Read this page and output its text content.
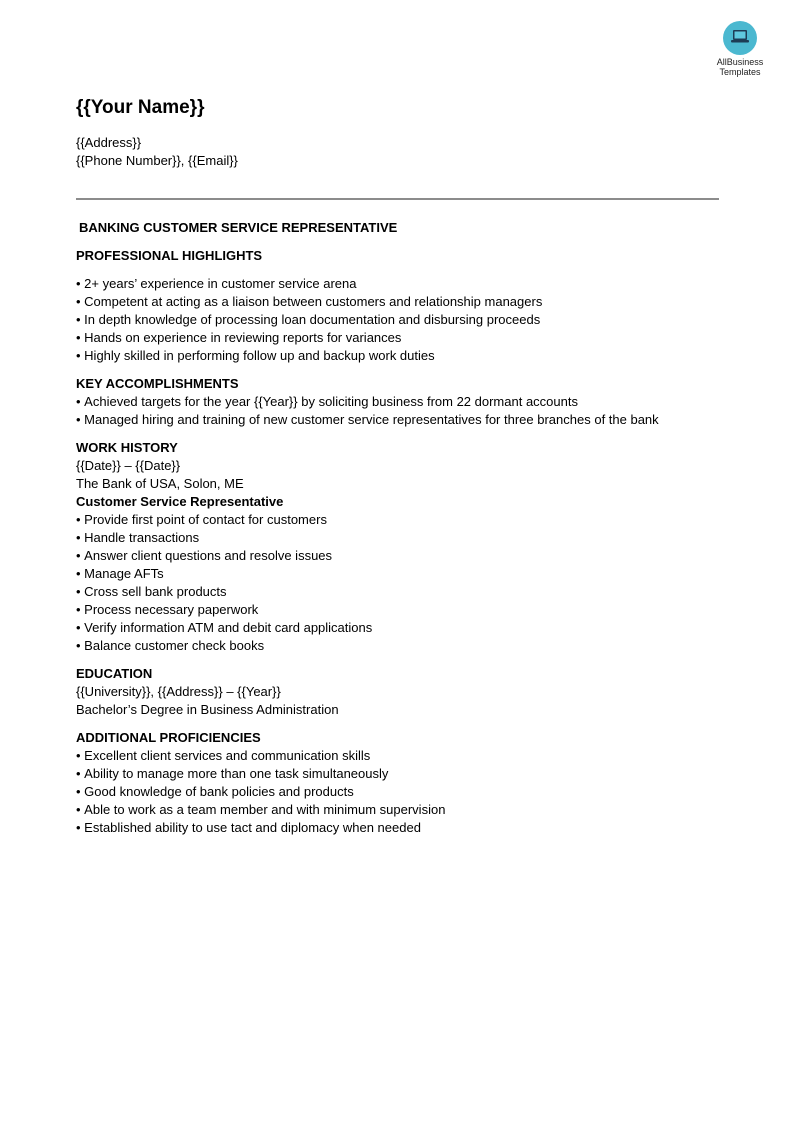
AllBusiness
Templates
{{Your Name}}
{{Address}}
{{Phone Number}}, {{Email}}
BANKING CUSTOMER SERVICE REPRESENTATIVE
PROFESSIONAL HIGHLIGHTS
• 2+ years’ experience in customer service arena
• Competent at acting as a liaison between customers and relationship managers
• In depth knowledge of processing loan documentation and disbursing proceeds
• Hands on experience in reviewing reports for variances
• Highly skilled in performing follow up and backup work duties
KEY ACCOMPLISHMENTS
• Achieved targets for the year {{Year}} by soliciting business from 22 dormant accounts
• Managed hiring and training of new customer service representatives for three branches of the bank
WORK HISTORY
{{Date}} – {{Date}}
The Bank of USA, Solon, ME
Customer Service Representative
• Provide first point of contact for customers
• Handle transactions
• Answer client questions and resolve issues
• Manage AFTs
• Cross sell bank products
• Process necessary paperwork
• Verify information ATM and debit card applications
• Balance customer check books
EDUCATION
{{University}}, {{Address}} – {{Year}}
Bachelor’s Degree in Business Administration
ADDITIONAL PROFICIENCIES
• Excellent client services and communication skills
• Ability to manage more than one task simultaneously
• Good knowledge of bank policies and products
• Able to work as a team member and with minimum supervision
• Established ability to use tact and diplomacy when needed
